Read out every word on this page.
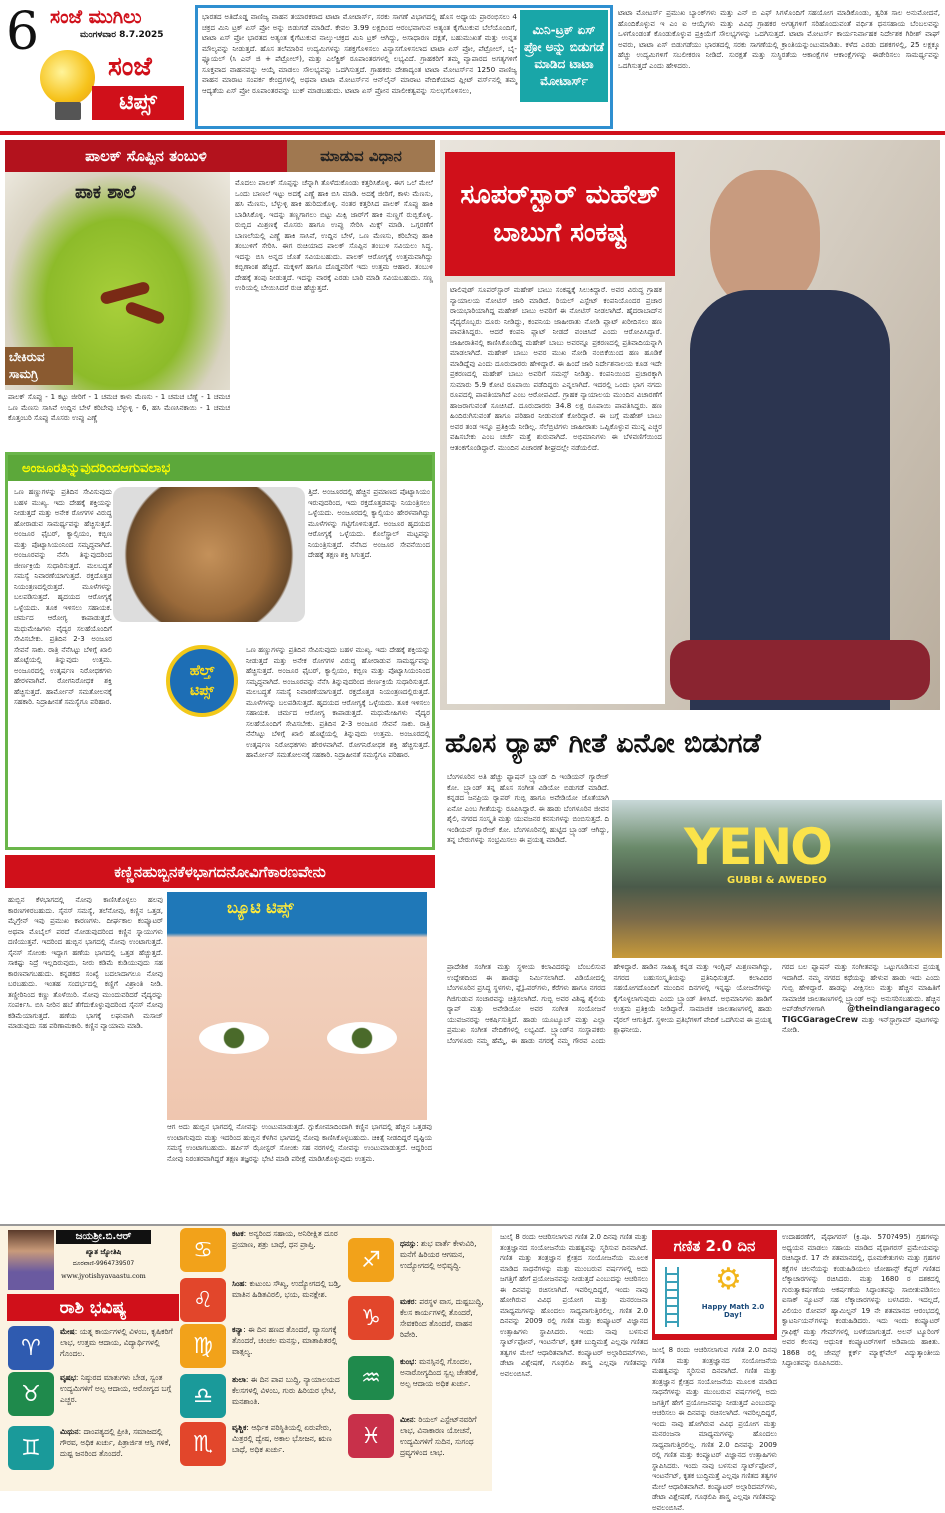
6 ಸಂಜೆ ಮುಗಿಲು
ಮಂಗಳವಾರ 8.7.2025
ಸಂಜೆ
ಟಿಪ್ಸ್
ಭಾರತದ ಅತಿದೊಡ್ಡ ವಾಣಿಜ್ಯ ವಾಹನ ತಯಾರಕರಾದ ಟಾಟಾ ಮೋಟಾರ್ಸ್, ಸರಕು ಸಾಗಣೆ ವಿಭಾಗದಲ್ಲಿ ಹೊಸ ಅಧ್ಯಾಯ ಪ್ರಾರಂಭಿಸಲು 4 ಚಕ್ರದ ಮಿನಿ ಟ್ರಕ್ ಏಸ್ ಪ್ರೋ ಅನ್ನು ಬಿಡುಗಡೆ ಮಾಡಿದೆ. ಕೇವಲ 3.99 ಲಕ್ಷದಿಂದ ಆರಂಭವಾಗುವ ಅತ್ಯಂತ ಕೈಗೆಟುಕುವ ಬೆಲೆಯೊಂದಿಗೆ, ಟಾಟಾ ಏಸ್ ಪ್ರೋ ಭಾರತದ ಅತ್ಯಂತ ಕೈಗೆಟುಕುವ ನಾಲ್ಕು-ಚಕ್ರದ ಮಿನಿ ಟ್ರಕ್ ಆಗಿದ್ದು, ಅಸಾಧಾರಣ ದಕ್ಷತೆ, ಬಹುಮುಖತೆ ಮತ್ತು ಉನ್ನತ ಮೌಲ್ಯವನ್ನು ನೀಡುತ್ತದೆ. ಹೊಸ ತಲೆಮಾರಿನ ಉದ್ಯಮಿಗಳನ್ನು ಸಶಕ್ತಗೊಳಿಸಲು ವಿನ್ಯಾಸಗೊಳಿಸಲಾದ ಟಾಟಾ ಏಸ್ ಪ್ರೋ, ಪೆಟ್ರೋಲ್, ಬೈ-ಫ್ಯೂಯಲ್ (ಸಿ ಎನ್ ಜಿ + ಪೆಟ್ರೋಲ್), ಮತ್ತು ಎಲೆಕ್ಟ್ರಿಕ್ ರೂಪಾಂತರಗಳಲ್ಲಿ ಲಭ್ಯವಿದೆ. ಗ್ರಾಹಕರಿಗೆ ತಮ್ಮ ವ್ಯಾಪಾರದ ಅಗತ್ಯಗಳಿಗೆ ಸೂಕ್ತವಾದ ವಾಹನವನ್ನು ಆಯ್ಕೆ ಮಾಡಲು ಸೌಲಭ್ಯವನ್ನು ಒದಗಿಸುತ್ತದೆ. ಗ್ರಾಹಕರು ದೇಶಾದ್ಯಂತ ಟಾಟಾ ಮೋಟರ್ಸ್‌ನ 1250 ವಾಣಿಜ್ಯ ವಾಹನ ಮಾರಾಟ ಸಂಪರ್ಕ ಕೇಂದ್ರಗಳಲ್ಲಿ ಅಥವಾ ಟಾಟಾ ಮೋಟರ್ಸ್‌ನ ಆನ್‌ಲೈನ್ ಮಾರಾಟ ವೇದಿಕೆಯಾದ ಫ್ಲೀಟ್ ವರ್ಸ್‌ನಲ್ಲಿ ತಮ್ಮ ಆದ್ಯತೆಯ ಏಸ್ ಪ್ರೋ ರೂಪಾಂತರವನ್ನು ಬುಕ್ ಮಾಡಬಹುದು. ಟಾಟಾ ಏಸ್ ಪ್ರೋನ ಮಾಲೀಕತ್ವವನ್ನು ಸುಲಭಗೊಳಿಸಲು,
ಮಿನಿ-ಟ್ರಕ್ ಏಸ್ ಪ್ರೋ ಅನ್ನು ಬಿಡುಗಡೆ ಮಾಡಿದ ಟಾಟಾ ಮೋಟಾರ್ಸ್
ಟಾಟಾ ಮೋಟರ್ಸ್ ಪ್ರಮುಖ ಬ್ಯಾಂಕ್‌ಗಳು ಮತ್ತು ಎನ್ ಬಿ ಎಫ್ ಸಿಗಳೊಂದಿಗೆ ಸಹಯೋಗ ಮಾಡಿಕೊಂಡು, ತ್ವರಿತ ಸಾಲ ಅನುಮೋದನೆ, ಹೊಂದಿಕೊಳ್ಳುವ ಇ ಎಂ ಐ ಆಯ್ಕೆಗಳು ಮತ್ತು ವಿವಿಧ ಗ್ರಾಹಕರ ಅಗತ್ಯಗಳಿಗೆ ಸರಿಹೊಂದುವಂತೆ ವರ್ಧಿತ ಧನಸಹಾಯ ಬೆಂಬಲವನ್ನು ಒಳಗೊಂಡಂತೆ ಕೊಂಡುಕೊಳ್ಳುವ ಪ್ರಕ್ರಿಯೆಗೆ ಸೌಲಭ್ಯಗಳನ್ನು ಒದಗಿಸುತ್ತದೆ. ಟಾಟಾ ಮೋಟರ್ಸ್ ಕಾರ್ಯನಿರ್ವಾಹಕ ನಿರ್ದೇಶಕ ಗಿರೀಶ್ ವಾಘ್ ಅವರು, ಟಾಟಾ ಏಸ್ ಬಿಡುಗಡೆಯು ಭಾರತದಲ್ಲಿ ಸರಕು ಸಾಗಣೆಯಲ್ಲಿ ಕ್ರಾಂತಿಯನ್ನುಂಟುಮಾಡಿತು. ಕಳೆದ ಎರಡು ದಶಕಗಳಲ್ಲಿ, 25 ಲಕ್ಷಕ್ಕೂ ಹೆಚ್ಚು ಉದ್ಯಮಿಗಳಿಗೆ ಸಬಲೀಕರಣ ನೀಡಿದೆ. ಸುರಕ್ಷತೆ ಮತ್ತು ಸುಸ್ಥಿರತೆಯ ಆಕಾಂಕ್ಷೆಗಳ ಆಕಾಂಕ್ಷೆಗಳನ್ನು ಈಡೇರಿಸಲು ಸಾಮರ್ಥ್ಯವನ್ನು ಒದಗಿಸುತ್ತದೆ ಎಂದು ಹೇಳಿದರು.
ಪಾಲಕ್ ಸೊಪ್ಪಿನ ತಂಬುಳಿ	ಮಾಡುವ ವಿಧಾನ
ಪಾಕ ಶಾಲೆ
ಬೇಕಿರುವ ಸಾಮಗ್ರಿ
ಪಾಲಕ್ ಸೊಪ್ಪು - 1 ಕಟ್ಟು ಜೀರಿಗೆ - 1 ಚಮಚ ಕಾಳು ಮೆಣಸು - 1 ಚಮಚ ಬೆಣ್ಣೆ - 1 ಚಮಚ ಒಣ ಮೆಣಸು ಸಾಸಿವೆ ಉದ್ದಿನ ಬೇಳೆ ಕರಿಬೇವು ಬೆಳ್ಳುಳ್ಳಿ - 6, ಹಸಿ ಮೆಣಸಿನಕಾಯಿ - 1 ಚಮಚ ಕೊತ್ತಂಬರಿ ಸೊಪ್ಪು ಮೊಸರು ಉಪ್ಪು ಎಣ್ಣೆ
ಮೊದಲು ಪಾಲಕ್ ಸೊಪ್ಪನ್ನು ಚೆನ್ನಾಗಿ ತೊಳೆದುಕೊಂಡು ಕತ್ತರಿಸಿಕೊಳ್ಳಿ. ಈಗ ಒಲೆ ಮೇಲೆ ಒಂದು ಬಾಣಲೆ ಇಟ್ಟು ಅದಕ್ಕೆ ಎಣ್ಣೆ ಹಾಕಿ ಬಿಸಿ ಮಾಡಿ. ಅದಕ್ಕೆ ಜೀರಿಗೆ, ಕಾಳು ಮೆಣಸು, ಹಸಿ ಮೆಣಸು, ಬೆಳ್ಳುಳ್ಳಿ ಹಾಕಿ ಹುರಿದುಕೊಳ್ಳಿ. ನಂತರ ಕತ್ತರಿಸಿದ ಪಾಲಕ್ ಸೊಪ್ಪು ಹಾಕಿ ಬಾಡಿಸಿಕೊಳ್ಳಿ. ಇದನ್ನು ತಣ್ಣಗಾಗಲು ಬಿಟ್ಟು ಮಿಕ್ಸಿ ಜಾರ್‌ಗೆ ಹಾಕಿ ನುಣ್ಣಗೆ ರುಬ್ಬಿಕೊಳ್ಳಿ. ರುಬ್ಬಿದ ಮಿಶ್ರಣಕ್ಕೆ ಮೊಸರು ಹಾಗೂ ಉಪ್ಪು ಸೇರಿಸಿ ಮಿಕ್ಸ್ ಮಾಡಿ. ಒಗ್ಗರಣೆಗೆ ಬಾಣಲೆಯಲ್ಲಿ ಎಣ್ಣೆ ಹಾಕಿ ಸಾಸಿವೆ, ಉದ್ದಿನ ಬೇಳೆ, ಒಣ ಮೆಣಸು, ಕರಿಬೇವು ಹಾಕಿ ತಂಬುಳಿಗೆ ಸೇರಿಸಿ. ಈಗ ರುಚಿಯಾದ ಪಾಲಕ್ ಸೊಪ್ಪಿನ ತಂಬುಳಿ ಸವಿಯಲು ಸಿದ್ಧ. ಇದನ್ನು ಬಿಸಿ ಅನ್ನದ ಜೊತೆ ಸವಿಯಬಹುದು. ಪಾಲಕ್ ಆರೋಗ್ಯಕ್ಕೆ ಉತ್ತಮವಾಗಿದ್ದು ಕಬ್ಬಿಣಾಂಶ ಹೆಚ್ಚಿದೆ. ಮಕ್ಕಳಿಗೆ ಹಾಗೂ ದೊಡ್ಡವರಿಗೆ ಇದು ಉತ್ತಮ ಆಹಾರ. ತಂಬುಳಿ ದೇಹಕ್ಕೆ ತಂಪು ನೀಡುತ್ತದೆ. ಇದನ್ನು ವಾರಕ್ಕೆ ಎರಡು ಬಾರಿ ಮಾಡಿ ಸವಿಯಬಹುದು. ಸಣ್ಣ ಉರಿಯಲ್ಲಿ ಬೇಯಿಸಿದರೆ ರುಚಿ ಹೆಚ್ಚುತ್ತದೆ.
ಅಂಜೂರತಿನ್ನುವುದರಿಂದಆಗುವಲಾಭ
ಒಣ ಹಣ್ಣುಗಳನ್ನು ಪ್ರತಿದಿನ ಸೇವಿಸುವುದು ಬಹಳ ಮುಖ್ಯ. ಇದು ದೇಹಕ್ಕೆ ಶಕ್ತಿಯನ್ನು ನೀಡುತ್ತದೆ ಮತ್ತು ಅನೇಕ ರೋಗಗಳ ವಿರುದ್ಧ ಹೋರಾಡುವ ಸಾಮರ್ಥ್ಯವನ್ನು ಹೆಚ್ಚಿಸುತ್ತದೆ. ಅಂಜೂರ ಫೈಬರ್, ಕ್ಯಾಲ್ಸಿಯಂ, ಕಬ್ಬಿಣ ಮತ್ತು ಪೊಟ್ಯಾಸಿಯಂನಿಂದ ಸಮೃದ್ಧವಾಗಿದೆ. ಅಂಜೂರವನ್ನು ನೆನೆಸಿ ತಿನ್ನುವುದರಿಂದ ಜೀರ್ಣಕ್ರಿಯೆ ಸುಧಾರಿಸುತ್ತದೆ. ಮಲಬದ್ಧತೆ ಸಮಸ್ಯೆ ನಿವಾರಣೆಯಾಗುತ್ತದೆ. ರಕ್ತದೊತ್ತಡ ನಿಯಂತ್ರಣದಲ್ಲಿರುತ್ತದೆ. ಮೂಳೆಗಳನ್ನು ಬಲಪಡಿಸುತ್ತದೆ. ಹೃದಯದ ಆರೋಗ್ಯಕ್ಕೆ ಒಳ್ಳೆಯದು. ತೂಕ ಇಳಿಸಲು ಸಹಾಯಕ. ಚರ್ಮದ ಆರೋಗ್ಯ ಕಾಪಾಡುತ್ತದೆ. ಮಧುಮೇಹಿಗಳು ವೈದ್ಯರ ಸಲಹೆಯೊಂದಿಗೆ ಸೇವಿಸಬೇಕು. ಪ್ರತಿದಿನ 2-3 ಅಂಜೂರ ಸೇವನೆ ಸಾಕು. ರಾತ್ರಿ ನೆನೆಸಿಟ್ಟು ಬೆಳಿಗ್ಗೆ ಖಾಲಿ ಹೊಟ್ಟೆಯಲ್ಲಿ ತಿನ್ನುವುದು ಉತ್ತಮ. ಅಂಜೂರದಲ್ಲಿ ಉತ್ಕರ್ಷಣ ನಿರೋಧಕಗಳು ಹೇರಳವಾಗಿವೆ. ರೋಗನಿರೋಧಕ ಶಕ್ತಿ ಹೆಚ್ಚಿಸುತ್ತದೆ. ಹಾರ್ಮೋನ್ ಸಮತೋಲನಕ್ಕೆ ಸಹಕಾರಿ. ನಿದ್ರಾಹೀನತೆ ಸಮಸ್ಯೆಗೂ ಪರಿಹಾರ.
ಹೆಲ್ತ್
ಟಿಪ್ಸ್
ತ್ತಿದೆ. ಅಂಜೂರದಲ್ಲಿ ಹೆಚ್ಚಿನ ಪ್ರಮಾಣದ ಪೊಟ್ಯಾಸಿಯಂ ಇರುವುದರಿಂದ, ಇದು ರಕ್ತದೊತ್ತಡವನ್ನು ನಿಯಂತ್ರಿಸಲು ಒಳ್ಳೆಯದು. ಅಂಜೂರದಲ್ಲಿ ಕ್ಯಾಲ್ಸಿಯಂ ಹೇರಳವಾಗಿದ್ದು ಮೂಳೆಗಳನ್ನು ಗಟ್ಟಿಗೊಳಿಸುತ್ತದೆ. ಅಂಜೂರ ಹೃದಯದ ಆರೋಗ್ಯಕ್ಕೆ ಒಳ್ಳೆಯದು. ಕೊಲೆಸ್ಟ್ರಾಲ್ ಮಟ್ಟವನ್ನು ನಿಯಂತ್ರಿಸುತ್ತದೆ. ನೆನೆಸಿದ ಅಂಜೂರ ಸೇವನೆಯಿಂದ ದೇಹಕ್ಕೆ ತಕ್ಷಣ ಶಕ್ತಿ ಸಿಗುತ್ತದೆ.
ಒಣ ಹಣ್ಣುಗಳನ್ನು ಪ್ರತಿದಿನ ಸೇವಿಸುವುದು ಬಹಳ ಮುಖ್ಯ. ಇದು ದೇಹಕ್ಕೆ ಶಕ್ತಿಯನ್ನು ನೀಡುತ್ತದೆ ಮತ್ತು ಅನೇಕ ರೋಗಗಳ ವಿರುದ್ಧ ಹೋರಾಡುವ ಸಾಮರ್ಥ್ಯವನ್ನು ಹೆಚ್ಚಿಸುತ್ತದೆ. ಅಂಜೂರ ಫೈಬರ್, ಕ್ಯಾಲ್ಸಿಯಂ, ಕಬ್ಬಿಣ ಮತ್ತು ಪೊಟ್ಯಾಸಿಯಂನಿಂದ ಸಮೃದ್ಧವಾಗಿದೆ. ಅಂಜೂರವನ್ನು ನೆನೆಸಿ ತಿನ್ನುವುದರಿಂದ ಜೀರ್ಣಕ್ರಿಯೆ ಸುಧಾರಿಸುತ್ತದೆ. ಮಲಬದ್ಧತೆ ಸಮಸ್ಯೆ ನಿವಾರಣೆಯಾಗುತ್ತದೆ. ರಕ್ತದೊತ್ತಡ ನಿಯಂತ್ರಣದಲ್ಲಿರುತ್ತದೆ. ಮೂಳೆಗಳನ್ನು ಬಲಪಡಿಸುತ್ತದೆ. ಹೃದಯದ ಆರೋಗ್ಯಕ್ಕೆ ಒಳ್ಳೆಯದು. ತೂಕ ಇಳಿಸಲು ಸಹಾಯಕ. ಚರ್ಮದ ಆರೋಗ್ಯ ಕಾಪಾಡುತ್ತದೆ. ಮಧುಮೇಹಿಗಳು ವೈದ್ಯರ ಸಲಹೆಯೊಂದಿಗೆ ಸೇವಿಸಬೇಕು. ಪ್ರತಿದಿನ 2-3 ಅಂಜೂರ ಸೇವನೆ ಸಾಕು. ರಾತ್ರಿ ನೆನೆಸಿಟ್ಟು ಬೆಳಿಗ್ಗೆ ಖಾಲಿ ಹೊಟ್ಟೆಯಲ್ಲಿ ತಿನ್ನುವುದು ಉತ್ತಮ. ಅಂಜೂರದಲ್ಲಿ ಉತ್ಕರ್ಷಣ ನಿರೋಧಕಗಳು ಹೇರಳವಾಗಿವೆ. ರೋಗನಿರೋಧಕ ಶಕ್ತಿ ಹೆಚ್ಚಿಸುತ್ತದೆ. ಹಾರ್ಮೋನ್ ಸಮತೋಲನಕ್ಕೆ ಸಹಕಾರಿ. ನಿದ್ರಾಹೀನತೆ ಸಮಸ್ಯೆಗೂ ಪರಿಹಾರ.
ಕಣ್ಣಿನಹುಬ್ಬಿನಕೆಳಭಾಗದನೋವಿಗೆಕಾರಣವೇನು
ಹುಬ್ಬಿನ ಕೆಳಭಾಗದಲ್ಲಿ ನೋವು ಕಾಣಿಸಿಕೊಳ್ಳಲು ಹಲವು ಕಾರಣಗಳಿರಬಹುದು. ಸೈನಸ್ ಸಮಸ್ಯೆ, ತಲೆನೋವು, ಕಣ್ಣಿನ ಒತ್ತಡ, ಮೈಗ್ರೇನ್ ಇವು ಪ್ರಮುಖ ಕಾರಣಗಳು. ದೀರ್ಘಕಾಲ ಕಂಪ್ಯೂಟರ್ ಅಥವಾ ಮೊಬೈಲ್ ಪರದೆ ನೋಡುವುದರಿಂದ ಕಣ್ಣಿನ ಸ್ನಾಯುಗಳು ದಣಿಯುತ್ತವೆ. ಇದರಿಂದ ಹುಬ್ಬಿನ ಭಾಗದಲ್ಲಿ ನೋವು ಉಂಟಾಗುತ್ತದೆ. ಸೈನಸ್ ಸೋಂಕು ಇದ್ದಾಗ ಹಣೆಯ ಭಾಗದಲ್ಲಿ ಒತ್ತಡ ಹೆಚ್ಚುತ್ತದೆ. ಸಾಕಷ್ಟು ನಿದ್ರೆ ಇಲ್ಲದಿರುವುದು, ನೀರು ಕಡಿಮೆ ಕುಡಿಯುವುದು ಸಹ ಕಾರಣವಾಗಬಹುದು. ಕನ್ನಡಕದ ಸಂಖ್ಯೆ ಬದಲಾದಾಗಲೂ ನೋವು ಬರಬಹುದು. ಇಂತಹ ಸಂದರ್ಭದಲ್ಲಿ ಕಣ್ಣಿಗೆ ವಿಶ್ರಾಂತಿ ನೀಡಿ. ತಣ್ಣೀರಿನಿಂದ ಕಣ್ಣು ತೊಳೆಯಿರಿ. ನೋವು ಮುಂದುವರಿದರೆ ವೈದ್ಯರನ್ನು ಸಂಪರ್ಕಿಸಿ. ಬಿಸಿ ನೀರಿನ ಹಬೆ ತೆಗೆದುಕೊಳ್ಳುವುದರಿಂದ ಸೈನಸ್ ನೋವು ಕಡಿಮೆಯಾಗುತ್ತದೆ. ಹಣೆಯ ಭಾಗಕ್ಕೆ ಲಘುವಾಗಿ ಮಸಾಜ್ ಮಾಡುವುದು ಸಹ ಪರಿಣಾಮಕಾರಿ. ಕಣ್ಣಿನ ವ್ಯಾಯಾಮ ಮಾಡಿ.
ಬ್ಯೂಟಿ ಟಿಪ್ಸ್
ಆಗ ಅದು ಹುಬ್ಬಿನ ಭಾಗದಲ್ಲಿ ನೋವನ್ನು ಉಂಟುಮಾಡುತ್ತದೆ. ಗ್ಲುಕೋಮಾದಿಂದಾಗಿ ಕಣ್ಣಿನ ಭಾಗದಲ್ಲಿ ಹೆಚ್ಚಿನ ಒತ್ತಡವು ಉಂಟಾಗುವುದು ಮತ್ತು ಇದರಿಂದ ಹುಬ್ಬಿನ ಕೆಳಗಿನ ಭಾಗದಲ್ಲಿ ನೋವು ಕಾಣಿಸಿಕೊಳ್ಳಬಹುದು. ಚಿಕಿತ್ಸೆ ನೀಡದಿದ್ದರೆ ದೃಷ್ಟಿಯ ಸಮಸ್ಯೆ ಉಂಟಾಗಬಹುದು. ಹರ್ಪಿಸ್ ಝೋಸ್ಟರ್ ಸೋಂಕು ಸಹ ನರಗಳಲ್ಲಿ ನೋವನ್ನು ಉಂಟುಮಾಡುತ್ತದೆ. ಆದ್ದರಿಂದ ನೋವು ನಿರಂತರವಾಗಿದ್ದರೆ ತಕ್ಷಣ ತಜ್ಞರನ್ನು ಭೇಟಿ ಮಾಡಿ ಪರೀಕ್ಷೆ ಮಾಡಿಸಿಕೊಳ್ಳುವುದು ಉತ್ತಮ.
ಸೂಪರ್‌ಸ್ಟಾರ್ ಮಹೇಶ್ ಬಾಬುಗೆ ಸಂಕಷ್ಟ
ಟಾಲಿವುಡ್ ಸೂಪರ್‌ಸ್ಟಾರ್ ಮಹೇಶ್ ಬಾಬು ಸಂಕಷ್ಟಕ್ಕೆ ಸಿಲುಕಿದ್ದಾರೆ. ಅವರ ವಿರುದ್ಧ ಗ್ರಾಹಕ ನ್ಯಾಯಾಲಯ ನೋಟಿಸ್ ಜಾರಿ ಮಾಡಿದೆ. ರಿಯಲ್ ಎಸ್ಟೇಟ್ ಕಂಪನಿಯೊಂದರ ಪ್ರಚಾರ ರಾಯಭಾರಿಯಾಗಿದ್ದ ಮಹೇಶ್ ಬಾಬು ಅವರಿಗೆ ಈ ನೋಟಿಸ್ ನೀಡಲಾಗಿದೆ. ಹೈದರಾಬಾದ್‌ನ ವೈದ್ಯರೊಬ್ಬರು ದೂರು ನೀಡಿದ್ದು, ಕಂಪನಿಯ ಜಾಹೀರಾತು ನೋಡಿ ಪ್ಲಾಟ್ ಖರೀದಿಸಲು ಹಣ ಪಾವತಿಸಿದ್ದರು. ಆದರೆ ಕಂಪನಿ ಪ್ಲಾಟ್ ನೀಡದೆ ವಂಚಿಸಿದೆ ಎಂದು ಆರೋಪಿಸಿದ್ದಾರೆ. ಜಾಹೀರಾತಿನಲ್ಲಿ ಕಾಣಿಸಿಕೊಂಡಿದ್ದ ಮಹೇಶ್ ಬಾಬು ಅವರನ್ನೂ ಪ್ರಕರಣದಲ್ಲಿ ಪ್ರತಿವಾದಿಯನ್ನಾಗಿ ಮಾಡಲಾಗಿದೆ. ಮಹೇಶ್ ಬಾಬು ಅವರ ಮುಖ ನೋಡಿ ನಂಬಿಕೆಯಿಂದ ಹಣ ಹೂಡಿಕೆ ಮಾಡಿದ್ದೆವು ಎಂದು ದೂರುದಾರರು ಹೇಳಿದ್ದಾರೆ. ಈ ಹಿಂದೆ ಜಾರಿ ನಿರ್ದೇಶನಾಲಯ ಕೂಡ ಇದೇ ಪ್ರಕರಣದಲ್ಲಿ ಮಹೇಶ್ ಬಾಬು ಅವರಿಗೆ ಸಮನ್ಸ್ ನೀಡಿತ್ತು. ಕಂಪನಿಯಿಂದ ಪ್ರಚಾರಕ್ಕಾಗಿ ಸುಮಾರು 5.9 ಕೋಟಿ ರೂಪಾಯಿ ಪಡೆದಿದ್ದರು ಎನ್ನಲಾಗಿದೆ. ಇದರಲ್ಲಿ ಒಂದು ಭಾಗ ನಗದು ರೂಪದಲ್ಲಿ ಪಾವತಿಯಾಗಿದೆ ಎಂಬ ಆರೋಪವಿದೆ. ಗ್ರಾಹಕ ನ್ಯಾಯಾಲಯ ಮುಂದಿನ ವಿಚಾರಣೆಗೆ ಹಾಜರಾಗುವಂತೆ ಸೂಚಿಸಿದೆ. ದೂರುದಾರರು 34.8 ಲಕ್ಷ ರೂಪಾಯಿ ಪಾವತಿಸಿದ್ದರು. ಹಣ ಹಿಂದಿರುಗಿಸುವಂತೆ ಹಾಗೂ ಪರಿಹಾರ ನೀಡುವಂತೆ ಕೋರಿದ್ದಾರೆ. ಈ ಬಗ್ಗೆ ಮಹೇಶ್ ಬಾಬು ಅವರ ತಂಡ ಇನ್ನೂ ಪ್ರತಿಕ್ರಿಯೆ ನೀಡಿಲ್ಲ. ಸೆಲೆಬ್ರಿಟಿಗಳು ಜಾಹೀರಾತು ಒಪ್ಪಿಕೊಳ್ಳುವ ಮುನ್ನ ಎಚ್ಚರ ವಹಿಸಬೇಕು ಎಂಬ ಚರ್ಚೆ ಮತ್ತೆ ಶುರುವಾಗಿದೆ. ಅಭಿಮಾನಿಗಳು ಈ ಬೆಳವಣಿಗೆಯಿಂದ ಆತಂಕಗೊಂಡಿದ್ದಾರೆ. ಮುಂದಿನ ವಿಚಾರಣೆ ಶೀಘ್ರದಲ್ಲೇ ನಡೆಯಲಿದೆ.
ಹೊಸ ರ್‍ಯಾಪ್ ಗೀತೆ ಏನೋ ಬಿಡುಗಡೆ
ಬೆಂಗಳೂರಿನ ಅತಿ ಹೆಚ್ಚು ಫ್ಯಾಷನ್ ಬ್ರ್ಯಾಂಡ್ ದಿ ಇಂಡಿಯನ್ ಗ್ಯಾರೇಜ್ ಕೋ. ಬ್ರ್ಯಾಂಡ್ ತನ್ನ ಹೊಸ ಸಂಗೀತ ವಿಡಿಯೋ ಬಿಡುಗಡೆ ಮಾಡಿದೆ. ಕನ್ನಡದ ಜನಪ್ರಿಯ ರ್‍ಯಾಪರ್ ಗುಬ್ಬಿ ಹಾಗೂ ಅವೇಡಿಯೋ ಜೊತೆಯಾಗಿ ಏನೋ ಎಂಬ ಗೀತೆಯನ್ನು ರೂಪಿಸಿದ್ದಾರೆ. ಈ ಹಾಡು ಬೆಂಗಳೂರಿನ ಜೀವನ ಶೈಲಿ, ನಗರದ ಸಂಸ್ಕೃತಿ ಮತ್ತು ಯುವಜನರ ಕನಸುಗಳನ್ನು ಬಿಂಬಿಸುತ್ತದೆ. ದಿ ಇಂಡಿಯನ್ ಗ್ಯಾರೇಜ್ ಕೋ. ಬೆಂಗಳೂರಿನಲ್ಲಿ ಹುಟ್ಟಿದ ಬ್ರ್ಯಾಂಡ್ ಆಗಿದ್ದು, ತನ್ನ ಬೇರುಗಳನ್ನು ಸಂಭ್ರಮಿಸಲು ಈ ಪ್ರಯತ್ನ ಮಾಡಿದೆ.	YENO
GUBBI & AWEDEO
ಪ್ರಾದೇಶಿಕ ಸಂಗೀತ ಮತ್ತು ಸ್ಥಳೀಯ ಕಲಾವಿದರನ್ನು ಬೆಂಬಲಿಸುವ ಉದ್ದೇಶದಿಂದ ಈ ಹಾಡನ್ನು ನಿರ್ಮಿಸಲಾಗಿದೆ. ವಿಡಿಯೋದಲ್ಲಿ ಬೆಂಗಳೂರಿನ ಪ್ರಸಿದ್ಧ ಸ್ಥಳಗಳು, ಫ್ಲೈಓವರ್‌ಗಳು, ಕೆರೆಗಳು ಹಾಗೂ ನಗರದ ಗಿಜಿಗುಡುವ ಸಂಚಾರವನ್ನು ಚಿತ್ರಿಸಲಾಗಿದೆ. ಗುಬ್ಬಿ ಅವರ ವಿಶಿಷ್ಟ ಶೈಲಿಯ ರ್‍ಯಾಪ್ ಮತ್ತು ಅವೇಡಿಯೋ ಅವರ ಸಂಗೀತ ಸಂಯೋಜನೆ ಯುವಜನರನ್ನು ಆಕರ್ಷಿಸುತ್ತಿದೆ. ಹಾಡು ಯೂಟ್ಯೂಬ್ ಮತ್ತು ಎಲ್ಲಾ ಪ್ರಮುಖ ಸಂಗೀತ ವೇದಿಕೆಗಳಲ್ಲಿ ಲಭ್ಯವಿದೆ. ಬ್ರ್ಯಾಂಡ್‌ನ ಸಂಸ್ಥಾಪಕರು ಬೆಂಗಳೂರು ನಮ್ಮ ಹೆಮ್ಮೆ, ಈ ಹಾಡು ನಗರಕ್ಕೆ ನಮ್ಮ ಗೌರವ ಎಂದು ಹೇಳಿದ್ದಾರೆ. ಹಾಡಿನ ಸಾಹಿತ್ಯ ಕನ್ನಡ ಮತ್ತು ಇಂಗ್ಲಿಷ್ ಮಿಶ್ರಣವಾಗಿದ್ದು, ನಗರದ ಬಹುಸಂಸ್ಕೃತಿಯನ್ನು ಪ್ರತಿನಿಧಿಸುತ್ತದೆ. ಕಲಾವಿದರ ಸಹಯೋಗದೊಂದಿಗೆ ಮುಂದಿನ ದಿನಗಳಲ್ಲಿ ಇನ್ನಷ್ಟು ಯೋಜನೆಗಳನ್ನು ಕೈಗೊಳ್ಳಲಾಗುವುದು ಎಂದು ಬ್ರ್ಯಾಂಡ್ ತಿಳಿಸಿದೆ. ಅಭಿಮಾನಿಗಳು ಹಾಡಿಗೆ ಉತ್ತಮ ಪ್ರತಿಕ್ರಿಯೆ ನೀಡಿದ್ದಾರೆ. ಸಾಮಾಜಿಕ ಜಾಲತಾಣಗಳಲ್ಲಿ ಹಾಡು ವೈರಲ್ ಆಗುತ್ತಿದೆ. ಸ್ಥಳೀಯ ಪ್ರತಿಭೆಗಳಿಗೆ ವೇದಿಕೆ ಒದಗಿಸುವ ಈ ಪ್ರಯತ್ನ ಶ್ಲಾಘನೀಯ.
ಗರದ ಬಲ ಫ್ಯಾಷನ್ ಮತ್ತು ಸಂಗೀತವನ್ನು ಒಟ್ಟುಗೂಡಿಸುವ ಪ್ರಯತ್ನ ಇದಾಗಿದೆ. ನಮ್ಮ ನಗರದ ಕಥೆಯನ್ನು ಹೇಳುವ ಹಾಡು ಇದು ಎಂದು ಗುಬ್ಬಿ ಹೇಳಿದ್ದಾರೆ. ಹಾಡನ್ನು ವೀಕ್ಷಿಸಲು ಮತ್ತು ಹೆಚ್ಚಿನ ಮಾಹಿತಿಗೆ ಸಾಮಾಜಿಕ ಜಾಲತಾಣಗಳಲ್ಲಿ ಬ್ರ್ಯಾಂಡ್ ಅನ್ನು ಅನುಸರಿಸಬಹುದು. ಹೆಚ್ಚಿನ ಅಪ್‌ಡೇಟ್‌ಗಳಿಗಾಗಿ	@theindiangaragecо TIGCGarageCrew ಮತ್ತು ಇನ್‌ಸ್ಟಾಗ್ರಾಮ್ ಪುಟಗಳನ್ನು ನೋಡಿ.
ಜಯಶ್ರೀ.ಬಿ.ಆರ್
ಖ್ಯಾತ ಜ್ಯೋತಿಷಿ
ದೂರವಾಣಿ-9964739507
www.jyotishyavaastu.com
ರಾಶಿ ಭವಿಷ್ಯ
♈
ಮೇಷ: ಯತ್ನ ಕಾರ್ಯಗಳಲ್ಲಿ ವಿಳಂಬ, ಕೃಷಿಕರಿಗೆ ಲಾಭ, ಉತ್ತಮ ಆದಾಯ, ವಿದ್ಯಾರ್ಥಿಗಳಲ್ಲಿ ಗೊಂದಲ.
♉
ವೃಷಭ: ನಿಷ್ಠುರದ ಮಾತುಗಳು ಬೇಡ, ಸ್ವಂತ ಉದ್ಯಮಿಗಳಿಗೆ ಅಲ್ಪ ಆದಾಯ, ಆರೋಗ್ಯದ ಬಗ್ಗೆ ಎಚ್ಚರ.
♊
ಮಿಥುನ: ದಾಂಪತ್ಯದಲ್ಲಿ ಪ್ರೀತಿ, ಸಮಾಜದಲ್ಲಿ ಗೌರವ, ಅಧಿಕ ಖರ್ಚು, ಪಿತ್ರಾರ್ಜಿತ ಆಸ್ತಿ ಗಳಿಕೆ, ದುಷ್ಟ ಜನರಿಂದ ತೊಂದರೆ.
♋
ಕಟಕ: ಅನ್ಯರಿಂದ ಸಹಾಯ, ಅನಿರೀಕ್ಷಿತ ದೂರ ಪ್ರಯಾಣ, ಶತ್ರು ಬಾಧೆ, ಧನ ಪ್ರಾಪ್ತಿ.
♌
ಸಿಂಹ: ಕುಟುಂಬ ಸೌಖ್ಯ, ಉದ್ಯೋಗದಲ್ಲಿ ಬಡ್ತಿ, ಮಾತಿನ ಹಿಡಿತವಿರಲಿ, ಭಯ, ಮನಕ್ಲೇಶ.
♍
ಕನ್ಯಾ: ಈ ದಿನ ಹಣದ ತೊಂದರೆ, ವ್ಯಾಸಂಗಕ್ಕೆ ತೊಂದರೆ, ಚಂಚಲ ಮನಸ್ಸು, ಮಾತಾಪಿತರಲ್ಲಿ ವಾತ್ಸಲ್ಯ.
♎
ತುಲಾ: ಈ ದಿನ ಪಾಪ ಬುದ್ಧಿ, ನ್ಯಾಯಾಲಯದ ಕೆಲಸಗಳಲ್ಲಿ ವಿಳಂಬ, ಗುರು ಹಿರಿಯರ ಭೇಟಿ, ಮನಶಾಂತಿ.
♏
ವೃಶ್ಚಿಕ: ಆರ್ಥಿಕ ಪರಿಸ್ಥಿತಿಯಲ್ಲಿ ಏರುಪೇರು, ಮಿತ್ರರಲ್ಲಿ ದ್ವೇಷ, ಅಕಾಲ ಭೋಜನ, ಋಣ ಬಾಧೆ, ಅಧಿಕ ಖರ್ಚು.
♐
ಧನಸ್ಸು: ಶುಭ ವಾರ್ತೆ ಕೇಳುವಿರಿ, ಮನೆಗೆ ಹಿರಿಯರ ಆಗಮನ, ಉದ್ಯೋಗದಲ್ಲಿ ಅಭಿವೃದ್ಧಿ.
♑
ಮಕರ: ಪರಸ್ಥಳ ವಾಸ, ದುಷ್ಟಬುದ್ಧಿ, ಕೆಲಸ ಕಾರ್ಯಗಳಲ್ಲಿ ತೊಂದರೆ, ಸೇವಕರಿಂದ ತೊಂದರೆ, ವಾಹನ ರಿಪೇರಿ.
♒
ಕುಂಭ: ಮನಸ್ಸಿನಲ್ಲಿ ಗೊಂದಲ, ಅನಾರೋಗ್ಯದಿಂದ ಸ್ವಲ್ಪ ಚೇತರಿಕೆ, ಅಲ್ಪ ಆದಾಯ ಅಧಿಕ ಖರ್ಚು.
♓
ಮೀನ: ರಿಯಲ್ ಎಸ್ಟೇಟ್‌ನವರಿಗೆ ಲಾಭ, ವಿನಾಕಾರಣ ಯೋಚನೆ, ಉದ್ಯಮಿಗಳಿಗೆ ಸುದಿನ, ಸುಗಂಧ ದ್ರವ್ಯಗಳಿಂದ ಲಾಭ.
ಜುಲೈ 8 ರಂದು ಆಚರಿಸಲಾಗುವ ಗಣಿತ 2.0 ದಿನವು ಗಣಿತ ಮತ್ತು ತಂತ್ರಜ್ಞಾನದ ಸಂಯೋಜನೆಯ ಮಹತ್ವವನ್ನು ಸ್ಮರಿಸುವ ದಿನವಾಗಿದೆ. ಗಣಿತ ಮತ್ತು ತಂತ್ರಜ್ಞಾನ ಕ್ಷೇತ್ರದ ಸಂಯೋಜನೆಯ ಮೂಲಕ ಮಾಡಿದ ಸಾಧನೆಗಳನ್ನು ಮತ್ತು ಮುಂಬರುವ ವರ್ಷಗಳಲ್ಲಿ ಅದು ಜಗತ್ತಿಗೆ ಹೇಗೆ ಪ್ರಯೋಜನವನ್ನು ನೀಡುತ್ತದೆ ಎಂಬುದನ್ನು ಆಚರಿಸಲು ಈ ದಿನವನ್ನು ರಚಿಸಲಾಗಿದೆ. ಇವರಿಲ್ಲದಿದ್ದರೆ, ಇಂದು ನಾವು ಹೋಗಿರುವ ವಿವಿಧ ಪ್ರಯೋಗ ಮತ್ತು ಮನರಂಜನಾ ಮಾಧ್ಯಮಗಳನ್ನು ಹೊಂದಲು ಸಾಧ್ಯವಾಗುತ್ತಿರಲಿಲ್ಲ. ಗಣಿತ 2.0 ದಿನವನ್ನು 2009 ರಲ್ಲಿ ಗಣಿತ ಮತ್ತು ಕಂಪ್ಯೂಟರ್ ವಿಜ್ಞಾನದ ಉತ್ಸಾಹಿಗಳು ಸ್ಥಾಪಿಸಿದರು. ಇಂದು ನಾವು ಬಳಸುವ ಸ್ಮಾರ್ಟ್‌ಫೋನ್, ಇಂಟರ್ನೆಟ್, ಕೃತಕ ಬುದ್ಧಿಮತ್ತೆ ಎಲ್ಲವೂ ಗಣಿತದ ತತ್ವಗಳ ಮೇಲೆ ಆಧಾರಿತವಾಗಿವೆ. ಕಂಪ್ಯೂಟರ್ ಅಲ್ಗಾರಿದಮ್‌ಗಳು, ಡೇಟಾ ವಿಶ್ಲೇಷಣೆ, ಗೂಢಲಿಪಿ ಶಾಸ್ತ್ರ ಎಲ್ಲವೂ ಗಣಿತವನ್ನು ಅವಲಂಬಿಸಿವೆ.
ಗಣಿತ 2.0 ದಿನ
⚙
Happy Math 2.0 Day!
ಜುಲೈ 8 ರಂದು ಆಚರಿಸಲಾಗುವ ಗಣಿತ 2.0 ದಿನವು ಗಣಿತ ಮತ್ತು ತಂತ್ರಜ್ಞಾನದ ಸಂಯೋಜನೆಯ ಮಹತ್ವವನ್ನು ಸ್ಮರಿಸುವ ದಿನವಾಗಿದೆ. ಗಣಿತ ಮತ್ತು ತಂತ್ರಜ್ಞಾನ ಕ್ಷೇತ್ರದ ಸಂಯೋಜನೆಯ ಮೂಲಕ ಮಾಡಿದ ಸಾಧನೆಗಳನ್ನು ಮತ್ತು ಮುಂಬರುವ ವರ್ಷಗಳಲ್ಲಿ ಅದು ಜಗತ್ತಿಗೆ ಹೇಗೆ ಪ್ರಯೋಜನವನ್ನು ನೀಡುತ್ತದೆ ಎಂಬುದನ್ನು ಆಚರಿಸಲು ಈ ದಿನವನ್ನು ರಚಿಸಲಾಗಿದೆ. ಇವರಿಲ್ಲದಿದ್ದರೆ, ಇಂದು ನಾವು ಹೋಗಿರುವ ವಿವಿಧ ಪ್ರಯೋಗ ಮತ್ತು ಮನರಂಜನಾ ಮಾಧ್ಯಮಗಳನ್ನು ಹೊಂದಲು ಸಾಧ್ಯವಾಗುತ್ತಿರಲಿಲ್ಲ. ಗಣಿತ 2.0 ದಿನವನ್ನು 2009 ರಲ್ಲಿ ಗಣಿತ ಮತ್ತು ಕಂಪ್ಯೂಟರ್ ವಿಜ್ಞಾನದ ಉತ್ಸಾಹಿಗಳು ಸ್ಥಾಪಿಸಿದರು. ಇಂದು ನಾವು ಬಳಸುವ ಸ್ಮಾರ್ಟ್‌ಫೋನ್, ಇಂಟರ್ನೆಟ್, ಕೃತಕ ಬುದ್ಧಿಮತ್ತೆ ಎಲ್ಲವೂ ಗಣಿತದ ತತ್ವಗಳ ಮೇಲೆ ಆಧಾರಿತವಾಗಿವೆ. ಕಂಪ್ಯೂಟರ್ ಅಲ್ಗಾರಿದಮ್‌ಗಳು, ಡೇಟಾ ವಿಶ್ಲೇಷಣೆ, ಗೂಢಲಿಪಿ ಶಾಸ್ತ್ರ ಎಲ್ಲವೂ ಗಣಿತವನ್ನು ಅವಲಂಬಿಸಿವೆ.
ಉದಾಹರಣೆಗೆ, ಪೈಥಾಗರಸ್ (ಕ್ರಿ.ಪೂ. 570?495) ಗ್ರಹಗಳನ್ನು ಅಧ್ಯಯನ ಮಾಡಲು ಸಹಾಯ ಮಾಡಿದ ಪೈಥಾಗರಸ್ ಪ್ರಮೇಯವನ್ನು ರಚಿಸಿದ್ದಾರೆ. 17 ನೇ ಶತಮಾನದಲ್ಲಿ, ಧೂಮಕೇತುಗಳು ಮತ್ತು ಗ್ರಹಗಳ ಕಕ್ಷೆಗಳ ಚಲನೆಯನ್ನು ಕಂಡುಹಿಡಿಯಲು ಜೋಹಾನ್ಸ್ ಕೆಪ್ಲರ್ ಗಣಿತದ ಲೆಕ್ಕಾಚಾರಗಳನ್ನು ರಚಿಸಿದರು. ಮತ್ತು 1680 ರ ದಶಕದಲ್ಲಿ ಗುರುತ್ವಾಕರ್ಷಣೆಯ ಆಕರ್ಷಣೆಯ ಸಿದ್ಧಾಂತವನ್ನು ಸಾಬೀತುಪಡಿಸಲು ಐಸಾಕ್ ನ್ಯೂಟನ್ ಸಹ ಲೆಕ್ಕಾಚಾರಗಳನ್ನು ಬಳಸಿದರು. ಇದಲ್ಲದೆ, ವಿಲಿಯಂ ರೋವನ್ ಹ್ಯಾಮಿಲ್ಟನ್ 19 ನೇ ಶತಮಾನದ ಆರಂಭದಲ್ಲಿ ಕ್ವಾಟರ್ನಿಯನ್‌ಗಳನ್ನು ಕಂಡುಹಿಡಿದರು. ಇದು ಇಂದು ಕಂಪ್ಯೂಟರ್ ಗ್ರಾಫಿಕ್ಸ್ ಮತ್ತು ಗೇಮ್‌ಗಳಲ್ಲಿ ಬಳಕೆಯಾಗುತ್ತದೆ. ಅಲನ್ ಟ್ಯೂರಿಂಗ್ ಅವರ ಕೆಲಸವು ಆಧುನಿಕ ಕಂಪ್ಯೂಟರ್‌ಗಳಿಗೆ ಅಡಿಪಾಯ ಹಾಕಿತು. 1868 ರಲ್ಲಿ ಜೇಮ್ಸ್ ಕ್ಲರ್ಕ್ ಮ್ಯಾಕ್ಸ್‌ವೆಲ್ ವಿದ್ಯುತ್ಕಾಂತೀಯ ಸಿದ್ಧಾಂತವನ್ನು ರೂಪಿಸಿದರು.
